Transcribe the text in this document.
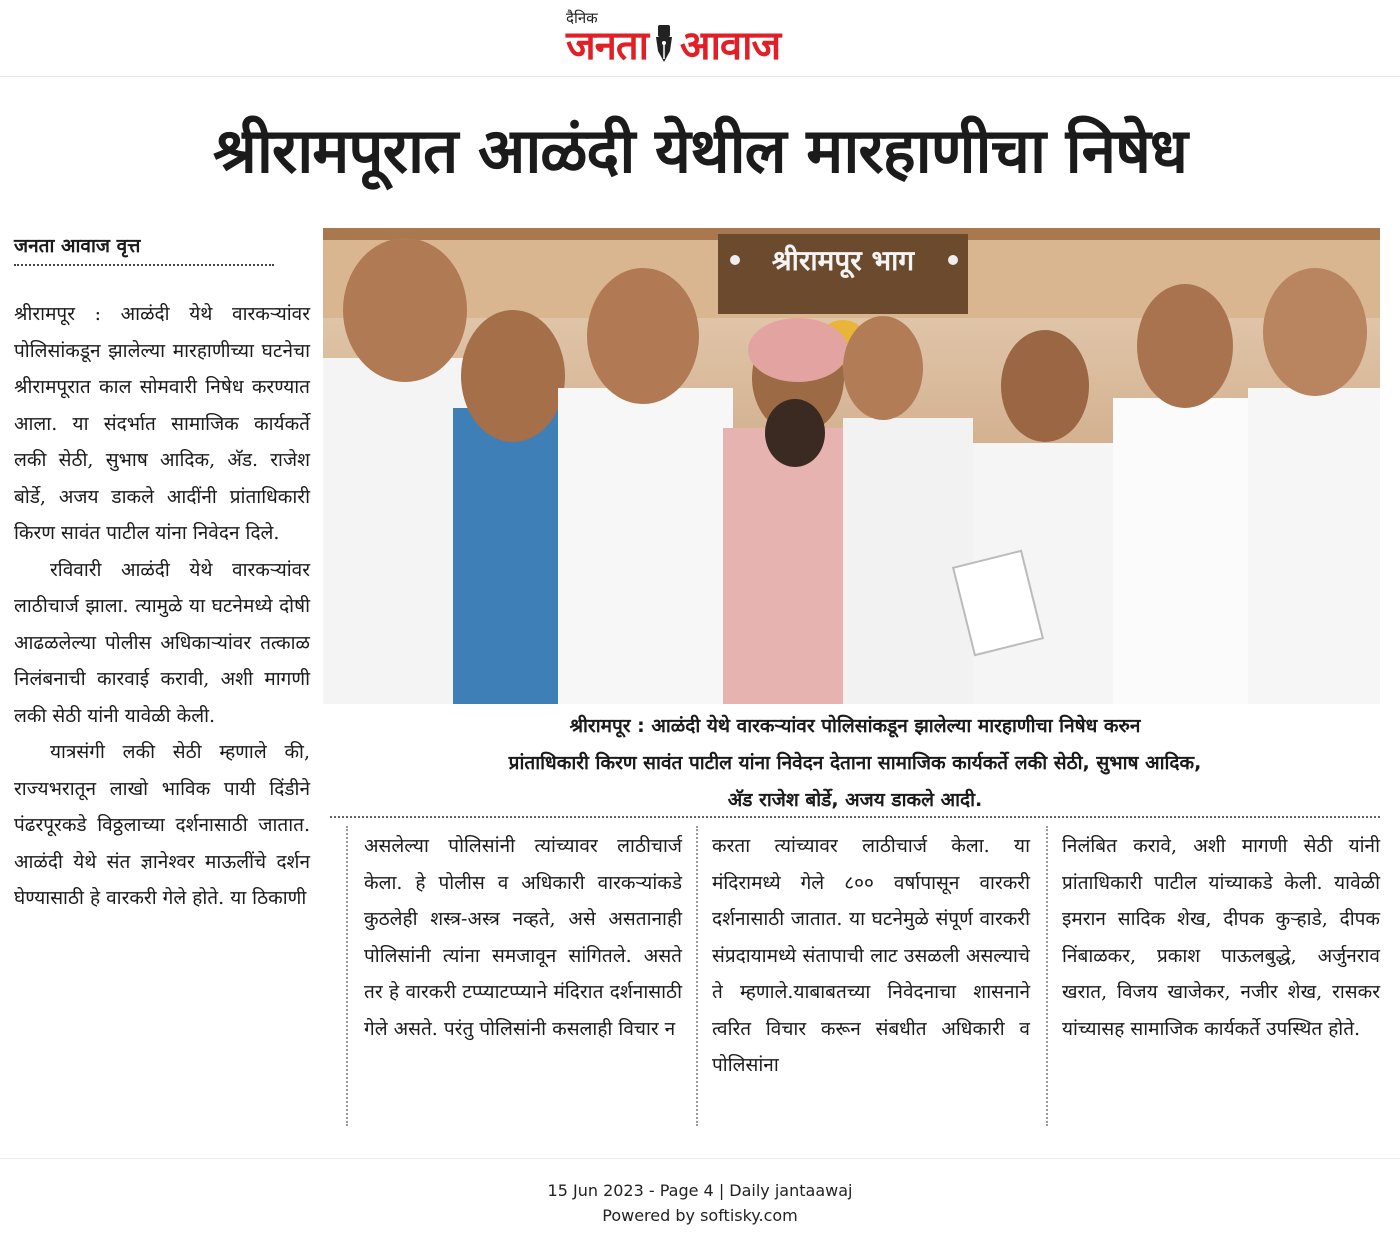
दैनिक
जनता आवाज
श्रीरामपूरात आळंदी येथील मारहाणीचा निषेध
जनता आवाज वृत्त

श्रीरामपूर : आळंदी येथे वारकऱ्यांवर पोलिसांकडून झालेल्या मारहाणीच्या घटनेचा श्रीरामपूरात काल सोमवारी निषेध करण्यात आला. या संदर्भात सामाजिक कार्यकर्ते लकी सेठी, सुभाष आदिक, अ‍ॅड. राजेश बोर्डे, अजय डाकले आदींनी प्रांताधिकारी किरण सावंत पाटील यांना निवेदन दिले.

रविवारी आळंदी येथे वारकऱ्यांवर लाठीचार्ज झाला. त्यामुळे या घटनेमध्ये दोषी आढळलेल्या पोलीस अधिकाऱ्यांवर तत्काळ निलंबनाची कारवाई करावी, अशी मागणी लकी सेठी यांनी यावेळी केली.

यात्रसंगी लकी सेठी म्हणाले की, राज्यभरातून लाखो भाविक पायी दिंडीने पंढरपूरकडे विठ्ठलाच्या दर्शनासाठी जातात. आळंदी येथे संत ज्ञानेश्वर माऊलींचे दर्शन घेण्यासाठी हे वारकरी गेले होते. या ठिकाणी

श्रीरामपूर भाग
श्रीरामपूर : आळंदी येथे वारकऱ्यांवर पोलिसांकडून झालेल्या मारहाणीचा निषेध करुन
प्रांताधिकारी किरण सावंत पाटील यांना निवेदन देताना सामाजिक कार्यकर्ते लकी सेठी, सुभाष आदिक,
अ‍ॅड राजेश बोर्डे, अजय डाकले आदी.
असलेल्या पोलिसांनी त्यांच्यावर लाठीचार्ज केला. हे पोलीस व अधिकारी वारकऱ्यांकडे कुठलेही शस्त्र-अस्त्र नव्हते, असे असतानाही पोलिसांनी त्यांना समजावून सांगितले. असते तर हे वारकरी टप्प्याटप्प्याने मंदिरात दर्शनासाठी गेले असते. परंतु पोलिसांनी कसलाही विचार न
करता त्यांच्यावर लाठीचार्ज केला. या मंदिरामध्ये गेले ८०० वर्षापासून वारकरी दर्शनासाठी जातात. या घटनेमुळे संपूर्ण वारकरी संप्रदायामध्ये संतापाची लाट उसळली असल्याचे ते म्हणाले.याबाबतच्या निवेदनाचा शासनाने त्वरित विचार करून संबधीत अधिकारी व पोलिसांना
निलंबित करावे, अशी मागणी सेठी यांनी प्रांताधिकारी पाटील यांच्याकडे केली. यावेळी इमरान सादिक शेख, दीपक कुऱ्हाडे, दीपक निंबाळकर, प्रकाश पाऊलबुद्धे, अर्जुनराव खरात, विजय खाजेकर, नजीर शेख, रासकर यांच्यासह सामाजिक कार्यकर्ते उपस्थित होते.
15 Jun 2023 - Page 4 | Daily jantaawaj
Powered by softisky.com
